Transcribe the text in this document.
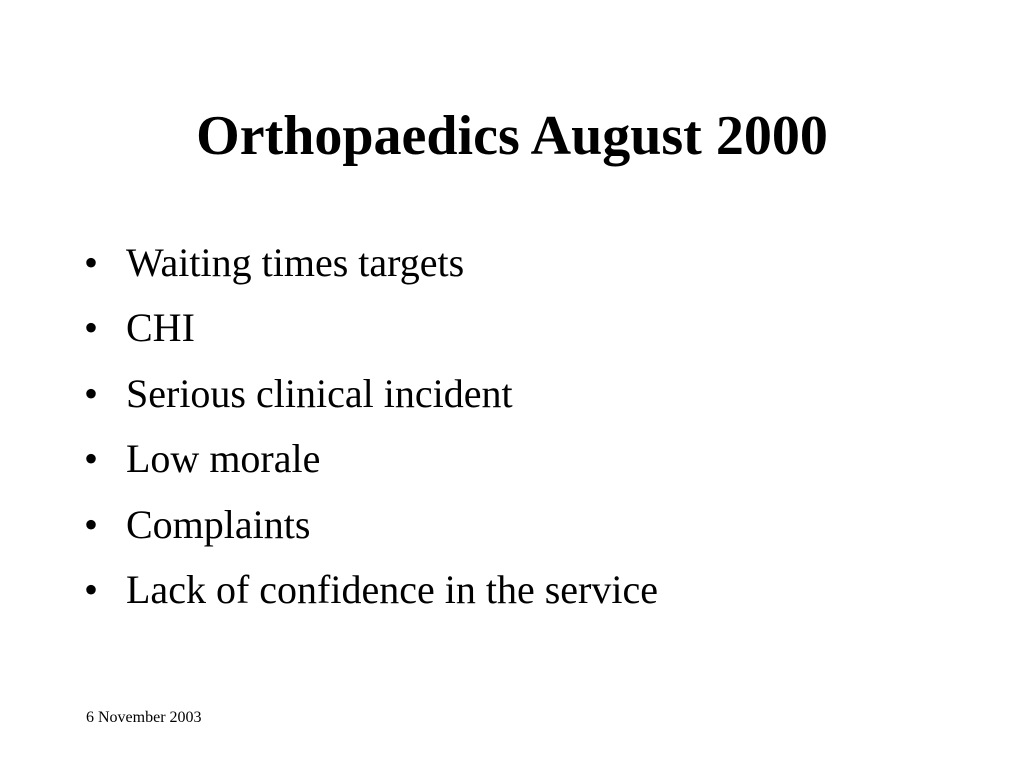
Orthopaedics August 2000
• Waiting times targets
• CHI
• Serious clinical incident
• Low morale
• Complaints
• Lack of confidence in the service
6 November 2003
